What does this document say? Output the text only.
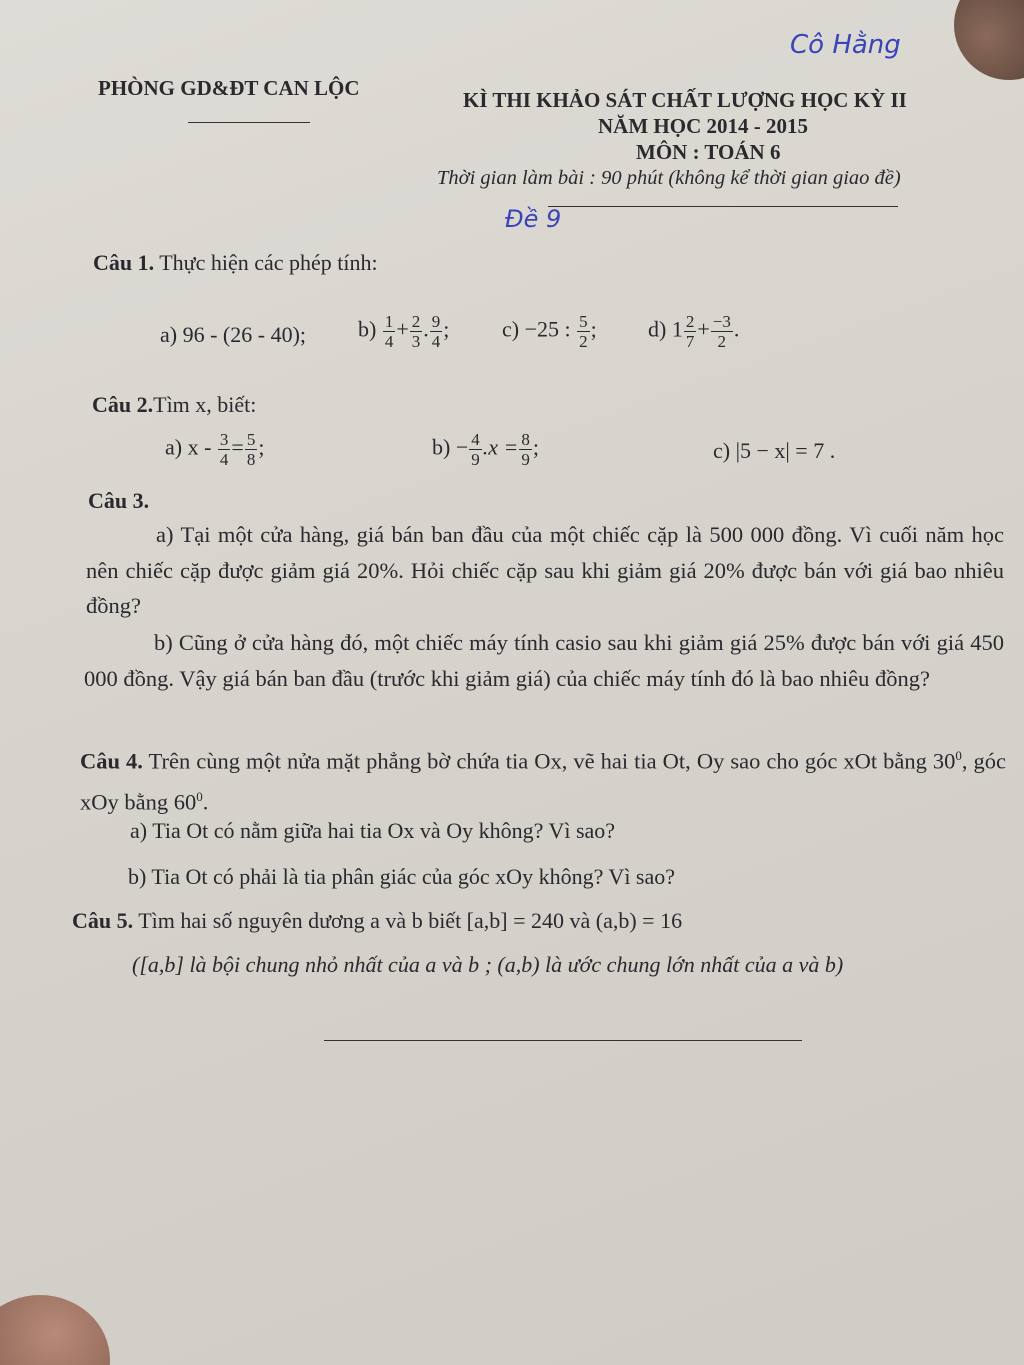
PHÒNG GD&ĐT CAN LỘC	KÌ THI KHẢO SÁT CHẤT LƯỢNG HỌC KỲ II
NĂM HỌC 2014 - 2015
MÔN : TOÁN 6
Thời gian làm bài : 90 phút (không kể thời gian giao đề)
Cô Hằng
Đề 9
Câu 1. Thực hiện các phép tính:
a) 96 - (26 - 40); $b) \frac{1}{4} + \frac{2}{3}$ . $\frac{9}{4}$ ; c) −25 : $\frac{5}{2}$ ; d) $1 \frac{2}{7} + \frac{-3}{2}$ .
Câu 2.Tìm x, biết:
a) $x - \frac{3}{4} = \frac{5}{8}$ ;	$b) - \frac{4}{9} .x = \frac{8}{9}$ ;	c) |5 − x| = 7 .
Câu 3.
a) Tại một cửa hàng, giá bán ban đầu của một chiếc cặp là 500 000 đồng. Vì cuối năm học nên chiếc cặp được giảm giá 20%. Hỏi chiếc cặp sau khi giảm giá 20% được bán với giá bao nhiêu đồng?
b) Cũng ở cửa hàng đó, một chiếc máy tính casio sau khi giảm giá 25% được bán với giá 450 000 đồng. Vậy giá bán ban đầu (trước khi giảm giá) của chiếc máy tính đó là bao nhiêu đồng?
Câu 4. Trên cùng một nửa mặt phẳng bờ chứa tia Ox, vẽ hai tia Ot, Oy sao cho góc xOt bằng $30^0$, góc xOy bằng $60^0$.
a) Tia Ot có nằm giữa hai tia Ox và Oy không? Vì sao?
b) Tia Ot có phải là tia phân giác của góc xOy không? Vì sao?
Câu 5. Tìm hai số nguyên dương a và b biết [a,b] = 240 và (a,b) = 16
([a,b] là bội chung nhỏ nhất của a và b ; (a,b) là ước chung lớn nhất của a và b)
